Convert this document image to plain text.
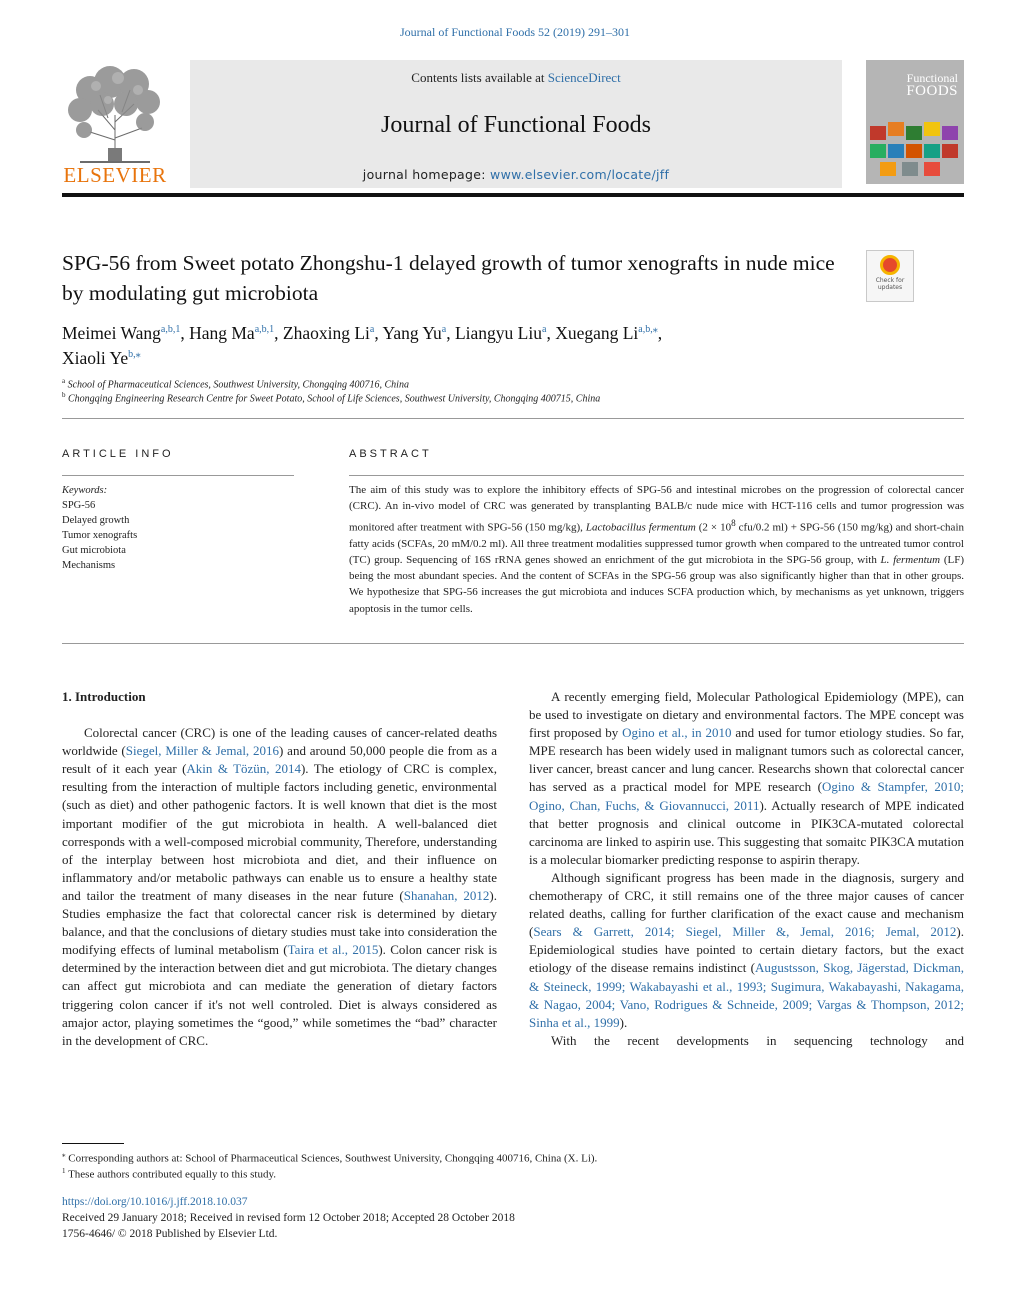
Journal of Functional Foods 52 (2019) 291–301
ELSEVIER
Contents lists available at ScienceDirect
Journal of Functional Foods
journal homepage: www.elsevier.com/locate/jff
Functional
FOODS
SPG-56 from Sweet potato Zhongshu-1 delayed growth of tumor xenografts in nude mice by modulating gut microbiota
Check for updates
Meimei Wang$^{a,b,1}$, Hang Ma$^{a,b,1}$, Zhaoxing Li$^a$, Yang Yu$^a$, Liangyu Liu$^a$, Xuegang $Li^{a,b,⁎}$,
Xiaoli $Ye^{b,⁎}$
$^a$ School of Pharmaceutical Sciences, Southwest University, Chongqing 400716, China
$^b$ Chongqing Engineering Research Centre for Sweet Potato, School of Life Sciences, Southwest University, Chongqing 400715, China
ARTICLE INFO	ABSTRACT
Keywords:
SPG-56
Delayed growth
Tumor xenografts
Gut microbiota
Mechanisms
The aim of this study was to explore the inhibitory effects of SPG-56 and intestinal microbes on the progression of colorectal cancer (CRC). An in-vivo model of CRC was generated by transplanting BALB/c nude mice with HCT-116 cells and tumor progression was monitored after treatment with SPG-56 (150 mg/kg), Lactobacillus fermentum ($2 \times 10^8$ cfu/0.2 ml) + SPG-56 (150 mg/kg) and short-chain fatty acids (SCFAs, 20 mM/0.2 ml). All three treatment modalities suppressed tumor growth when compared to the untreated tumor control (TC) group. Sequencing of 16S rRNA genes showed an enrichment of the gut microbiota in the SPG-56 group, with L. fermentum (LF) being the most abundant species. And the content of SCFAs in the SPG-56 group was also significantly higher than that in other groups. We hypothesize that SPG-56 increases the gut microbiota and induces SCFA production which, by mechanisms as yet unknown, triggers apoptosis in the tumor cells.

1. Introduction

Colorectal cancer (CRC) is one of the leading causes of cancer-related deaths worldwide (Siegel, Miller & Jemal, 2016) and around 50,000 people die from as a result of it each year (Akin & Tözün, 2014). The etiology of CRC is complex, resulting from the interaction of multiple factors including genetic, environmental (such as diet) and other pathogenic factors. It is well known that diet is the most important modifier of the gut microbiota in health. A well-balanced diet corresponds with a well-composed microbial community, Therefore, understanding of the interplay between host microbiota and diet, and their influence on inflammatory and/or metabolic pathways can enable us to ensure a healthy state and tailor the treatment of many diseases in the near future (Shanahan, 2012). Studies emphasize the fact that colorectal cancer risk is determined by dietary balance, and that the conclusions of dietary studies must take into consideration the modifying effects of luminal metabolism (Taira et al., 2015). Colon cancer risk is determined by the interaction between diet and gut microbiota. The dietary changes can affect gut microbiota and can mediate the generation of dietary factors triggering colon cancer if it's not well controled. Diet is always considered as amajor actor, playing sometimes the “good,” while sometimes the “bad” character in the development of CRC.

A recently emerging field, Molecular Pathological Epidemiology (MPE), can be used to investigate on dietary and environmental factors. The MPE concept was first proposed by Ogino et al., in 2010 and used for tumor etiology studies. So far, MPE research has been widely used in malignant tumors such as colorectal cancer, liver cancer, breast cancer and lung cancer. Researchs shown that colorectal cancer has served as a practical model for MPE research (Ogino & Stampfer, 2010; Ogino, Chan, Fuchs, & Giovannucci, 2011). Actually research of MPE indicated that better prognosis and clinical outcome in PIK3CA-mutated colorectal carcinoma are linked to aspirin use. This suggesting that somaitc PIK3CA mutation is a molecular biomarker predicting response to aspirin therapy.

Although significant progress has been made in the diagnosis, surgery and chemotherapy of CRC, it still remains one of the three major causes of cancer related deaths, calling for further clarification of the exact cause and mechanism (Sears & Garrett, 2014; Siegel, Miller &, Jemal, 2016; Jemal, 2012). Epidemiological studies have pointed to certain dietary factors, but the exact etiology of the disease remains indistinct (Augustsson, Skog, Jägerstad, Dickman, & Steineck, 1999; Wakabayashi et al., 1993; Sugimura, Wakabayashi, Nakagama, & Nagao, 2004; Vano, Rodrigues & Schneide, 2009; Vargas & Thompson, 2012; Sinha et al., 1999).

With the recent developments in sequencing technology and

⁎ Corresponding authors at: School of Pharmaceutical Sciences, Southwest University, Chongqing 400716, China (X. Li).
$^1$ These authors contributed equally to this study.
https://doi.org/10.1016/j.jff.2018.10.037
Received 29 January 2018; Received in revised form 12 October 2018; Accepted 28 October 2018
1756-4646/ © 2018 Published by Elsevier Ltd.
